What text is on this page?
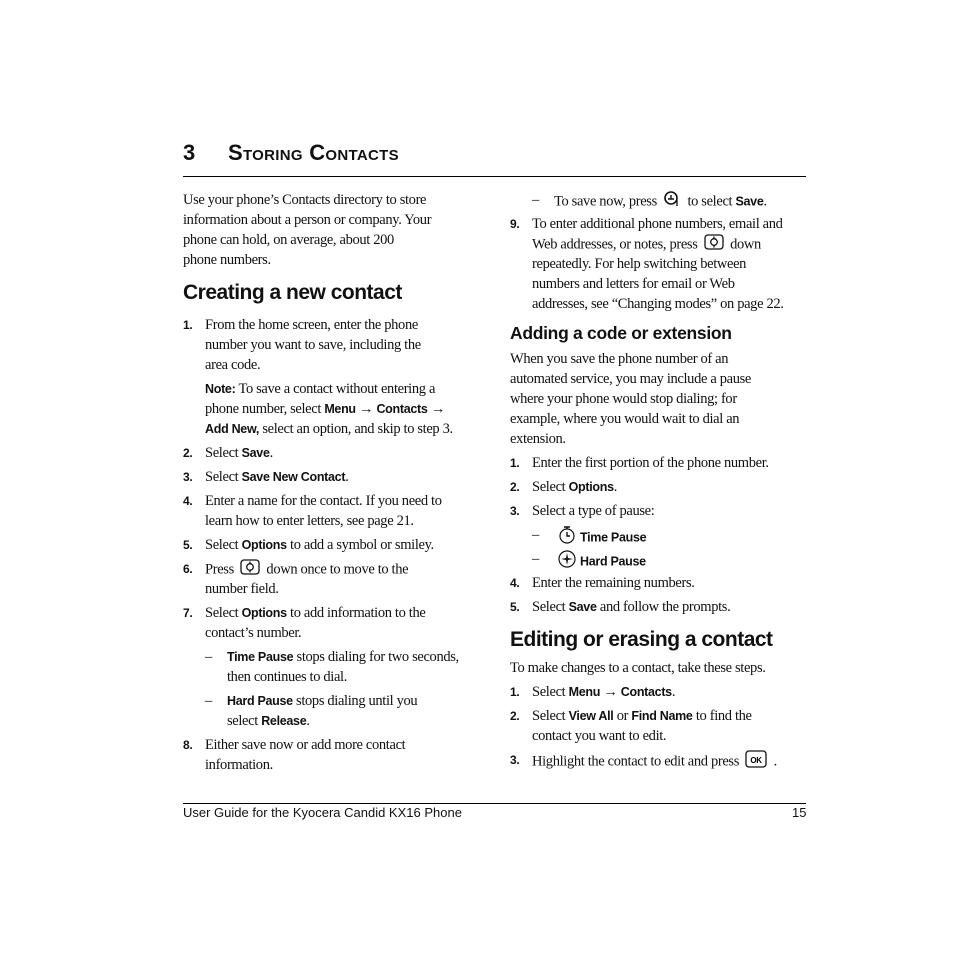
3 Storing Contacts
Use your phone’s Contacts directory to store
information about a person or company. Your
phone can hold, on average, about 200
phone numbers.
Creating a new contact
1. From the home screen, enter the phone
number you want to save, including the
area code.
Note: To save a contact without entering a
phone number, select Menu → Contacts →
Add New, select an option, and skip to step 3.
2. Select Save.
3. Select Save New Contact.
4. Enter a name for the contact. If you need to
learn how to enter letters, see page 21.
5. Select Options to add a symbol or smiley.
6. Press  down once to move to the
number field.
7. Select Options to add information to the
contact’s number.
– Time Pause stops dialing for two seconds,
then continues to dial.
– Hard Pause stops dialing until you
select Release.
8. Either save now or add more contact
information.
– To save now, press  to select Save.
9. To enter additional phone numbers, email and
Web addresses, or notes, press  down
repeatedly. For help switching between
numbers and letters for email or Web
addresses, see “Changing modes” on page 22.
Adding a code or extension
When you save the phone number of an
automated service, you may include a pause
where your phone would stop dialing; for
example, where you would wait to dial an
extension.
1. Enter the first portion of the phone number.
2. Select Options.
3. Select a type of pause:
–	Time Pause
–	Hard Pause
4. Enter the remaining numbers.
5. Select Save and follow the prompts.
Editing or erasing a contact
To make changes to a contact, take these steps.
1. Select Menu → Contacts.
2. Select View All or Find Name to find the
contact you want to edit.
3. Highlight the contact to edit and press OK .
User Guide for the Kyocera Candid KX16 Phone	15
